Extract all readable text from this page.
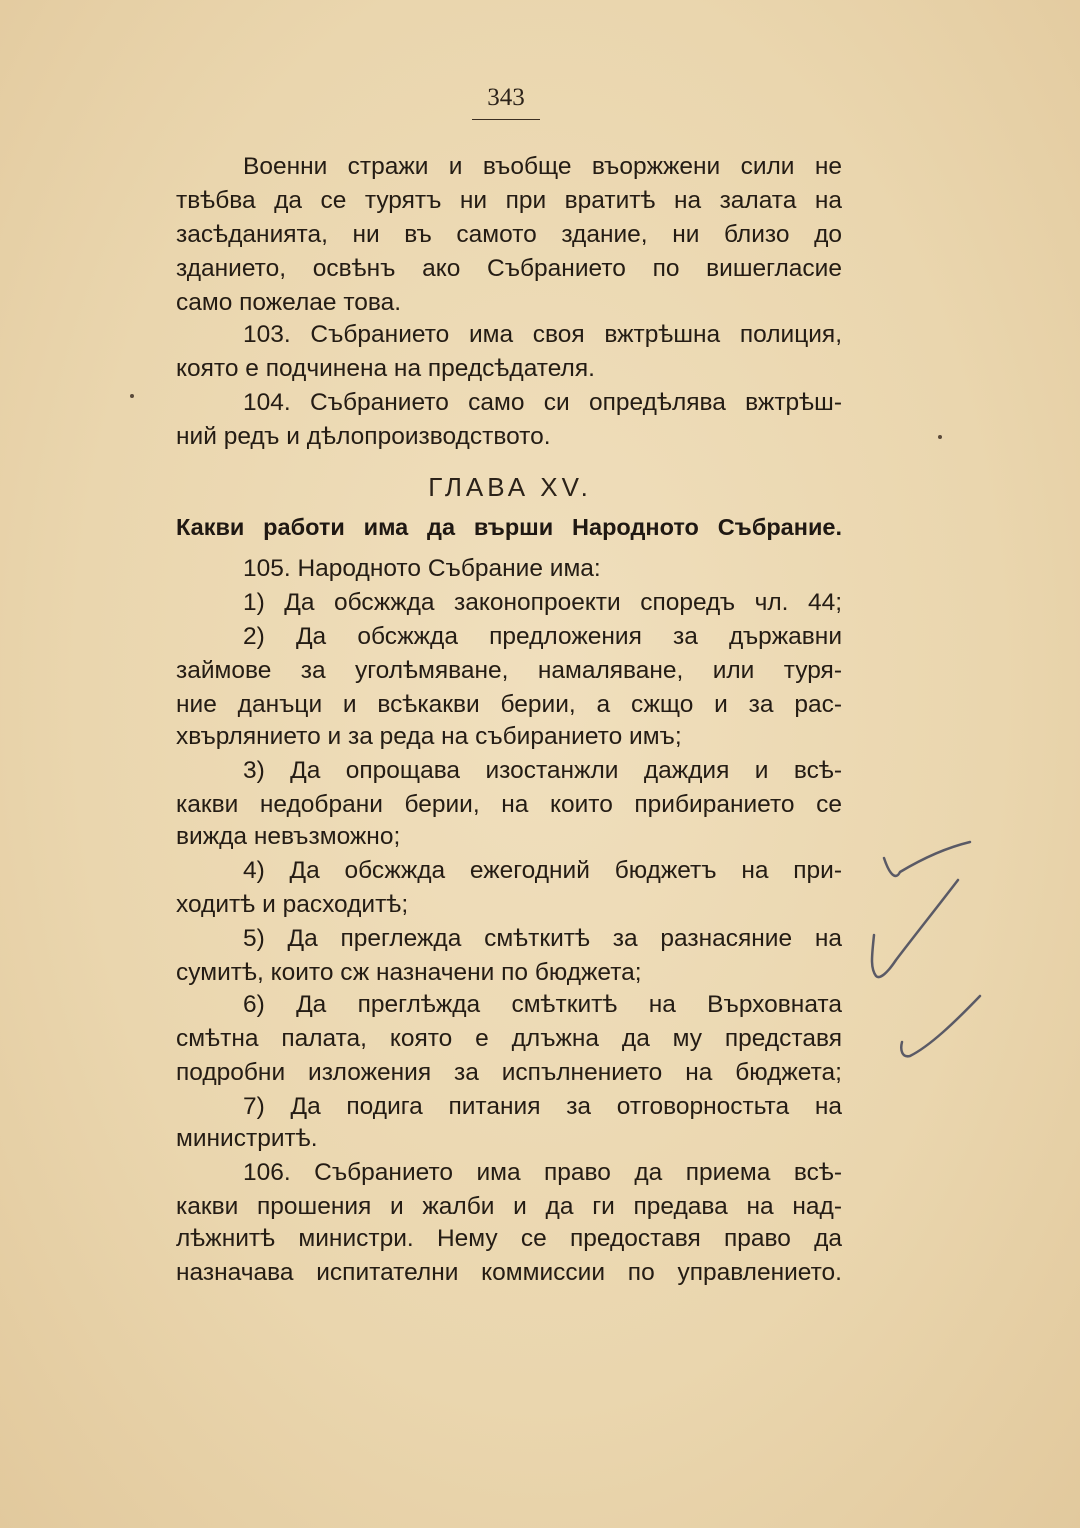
343
Военни стражи и въобще въоржжени сили не
твѣбва да се турятъ ни при вратитѣ на залата на
засѣданията, ни въ самото здание, ни близо до
зданието, освѣнъ ако Събранието по вишегласие
само пожелае това.
103. Събранието има своя вжтрѣшна полиция,
която е подчинена на предсѣдателя.
104. Събранието само си опредѣлява вжтрѣш-
ний редъ и дѣлопроизводството.
ГЛАВА XV.
Какви работи има да върши Народното Събрание.
105. Народното Събрание има:
1) Да обсжжда законопроекти споредъ чл. 44;
2) Да обсжжда предложения за държавни
займове за уголѣмяване, намаляване, или туря-
ние данъци и всѣкакви берии, а сжщо и за рас-
хвърлянието и за реда на събиранието имъ;
3) Да опрощава изостанжли даждия и всѣ-
какви недобрани берии, на които прибиранието се
вижда невъзможно;
4) Да обсжжда ежегодний бюджетъ на при-
ходитѣ и расходитѣ;
5) Да преглежда смѣткитѣ за разнасяние на
сумитѣ, които сж назначени по бюджета;
6) Да преглѣжда смѣткитѣ на Върховната
смѣтна палата, която е длъжна да му представя
подробни изложения за испълнението на бюджета;
7) Да подига питания за отговорностьта на
министритѣ.
106. Събранието има право да приема всѣ-
какви прошения и жалби и да ги предава на над-
лѣжнитѣ министри. Нему се предоставя право да
назначава испитателни коммиссии по управлението.
